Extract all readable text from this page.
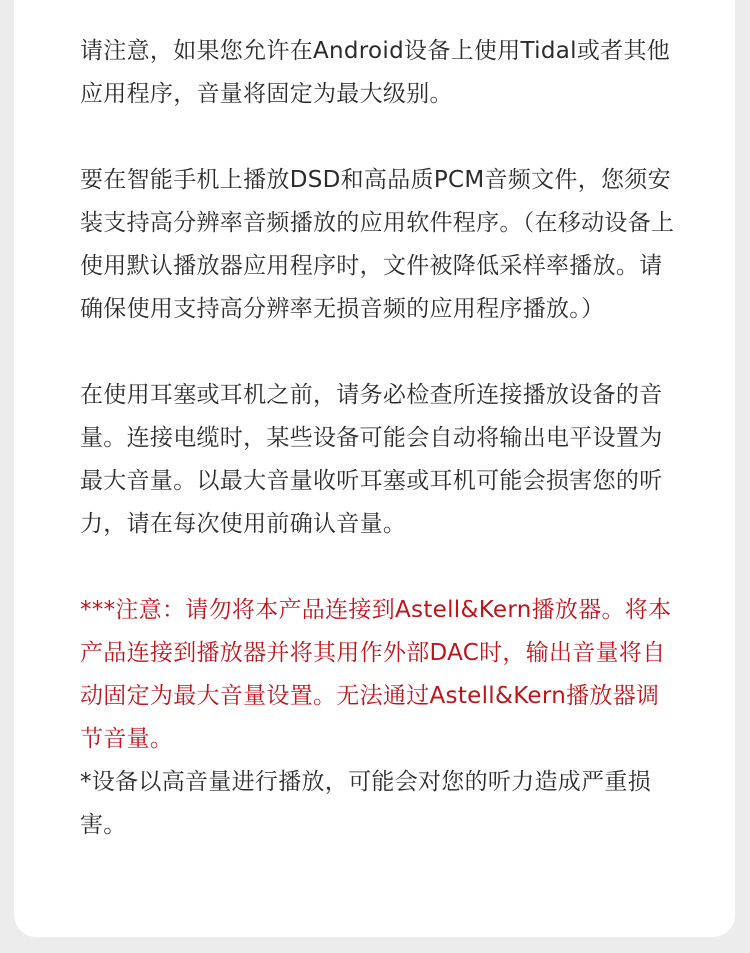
请注意，如果您允许在Android设备上使用Tidal或者其他应用程序，音量将固定为最大级别。

要在智能手机上播放DSD和高品质PCM音频文件，您须安装支持高分辨率音频播放的应用软件程序。（在移动设备上使用默认播放器应用程序时，文件被降低采样率播放。请确保使用支持高分辨率无损音频的应用程序播放。）

在使用耳塞或耳机之前，请务必检查所连接播放设备的音量。连接电缆时，某些设备可能会自动将输出电平设置为最大音量。以最大音量收听耳塞或耳机可能会损害您的听力，请在每次使用前确认音量。

***注意：请勿将本产品连接到Astell&Kern播放器。将本产品连接到播放器并将其用作外部DAC时，输出音量将自动固定为最大音量设置。无法通过Astell&Kern播放器调节音量。

*设备以高音量进行播放，可能会对您的听力造成严重损害。
